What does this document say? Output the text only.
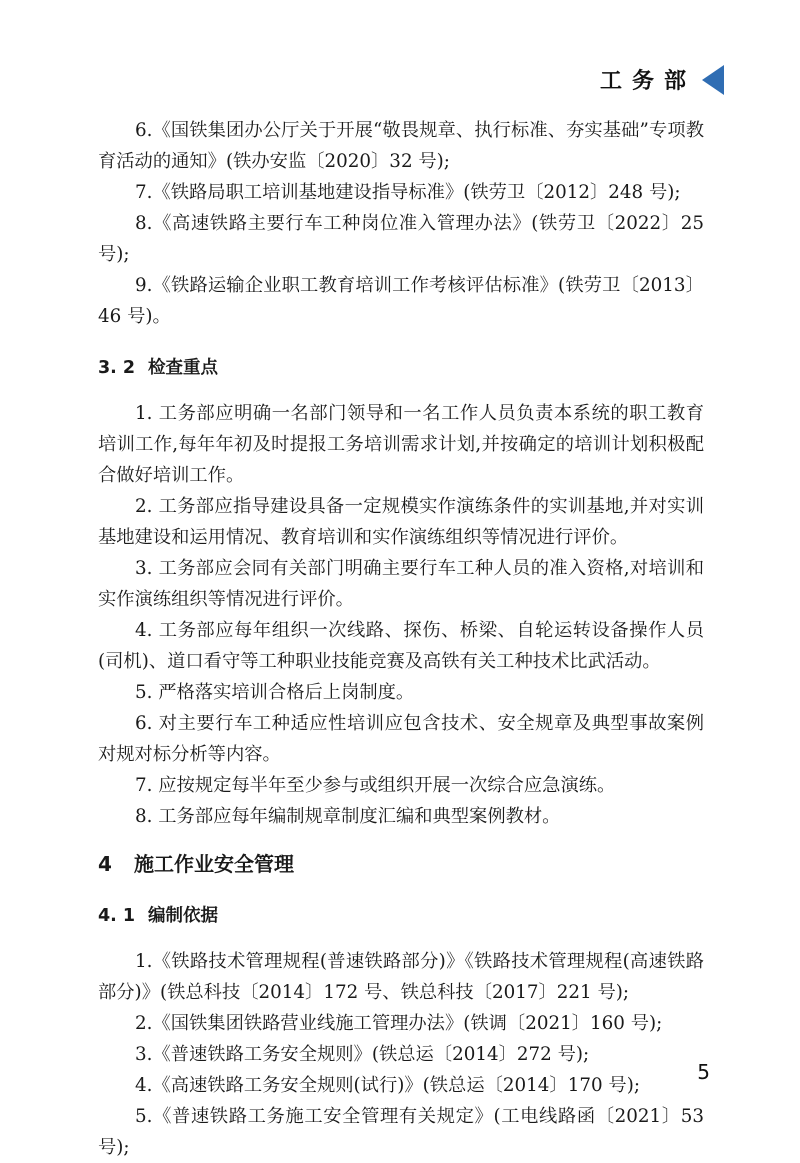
工务部

6.《国铁集团办公厅关于开展“敬畏规章、执行标准、夯实基础”专项教育活动的通知》(铁办安监〔2020〕32 号);

7.《铁路局职工培训基地建设指导标准》(铁劳卫〔2012〕248 号);

8.《高速铁路主要行车工种岗位准入管理办法》(铁劳卫〔2022〕25 号);

9.《铁路运输企业职工教育培训工作考核评估标准》(铁劳卫〔2013〕46 号)。

3. 2 检查重点

1. 工务部应明确一名部门领导和一名工作人员负责本系统的职工教育培训工作,每年年初及时提报工务培训需求计划,并按确定的培训计划积极配合做好培训工作。

2. 工务部应指导建设具备一定规模实作演练条件的实训基地,并对实训基地建设和运用情况、教育培训和实作演练组织等情况进行评价。

3. 工务部应会同有关部门明确主要行车工种人员的准入资格,对培训和实作演练组织等情况进行评价。

4. 工务部应每年组织一次线路、探伤、桥梁、自轮运转设备操作人员(司机)、道口看守等工种职业技能竞赛及高铁有关工种技术比武活动。

5. 严格落实培训合格后上岗制度。

6. 对主要行车工种适应性培训应包含技术、安全规章及典型事故案例对规对标分析等内容。

7. 应按规定每半年至少参与或组织开展一次综合应急演练。

8. 工务部应每年编制规章制度汇编和典型案例教材。

4 施工作业安全管理
4. 1 编制依据

1.《铁路技术管理规程(普速铁路部分)》《铁路技术管理规程(高速铁路部分)》(铁总科技〔2014〕172 号、铁总科技〔2017〕221 号);

2.《国铁集团铁路营业线施工管理办法》(铁调〔2021〕160 号);

3.《普速铁路工务安全规则》(铁总运〔2014〕272 号);

4.《高速铁路工务安全规则(试行)》(铁总运〔2014〕170 号);

5.《普速铁路工务施工安全管理有关规定》(工电线路函〔2021〕53 号);

5
